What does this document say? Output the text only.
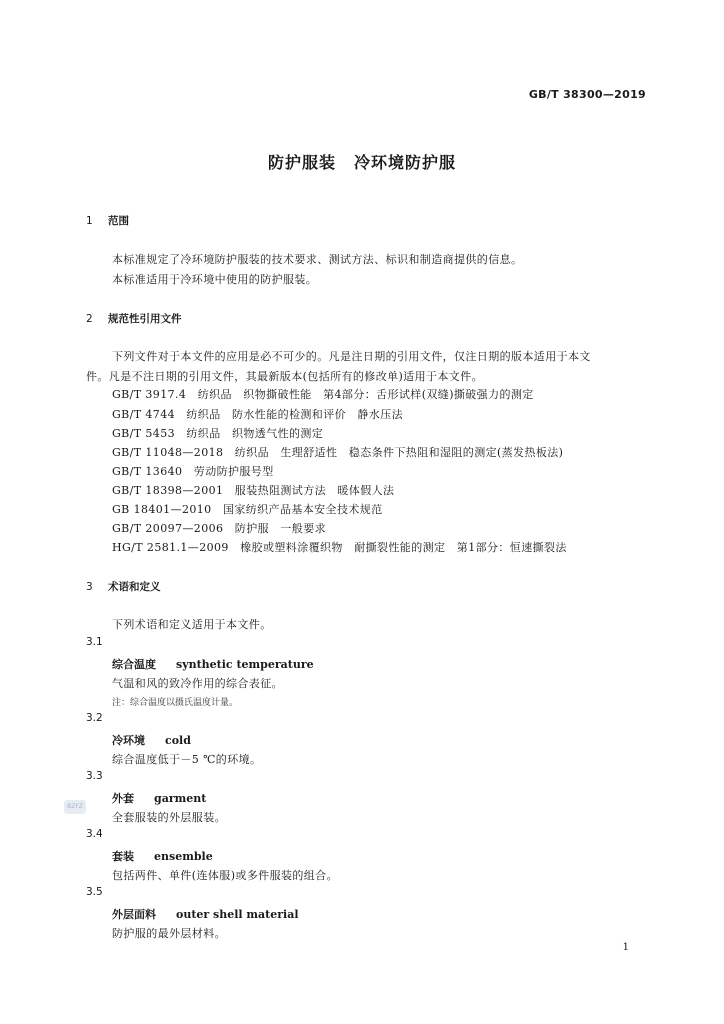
GB/T 38300—2019
防护服装 冷环境防护服
1 范围
本标准规定了冷环境防护服装的技术要求、测试方法、标识和制造商提供的信息。
本标准适用于冷环境中使用的防护服装。
2 规范性引用文件
下列文件对于本文件的应用是必不可少的。凡是注日期的引用文件，仅注日期的版本适用于本文
件。凡是不注日期的引用文件，其最新版本(包括所有的修改单)适用于本文件。
GB/T 3917.4　纺织品　织物撕破性能　第4部分：舌形试样(双缝)撕破强力的测定
GB/T 4744　纺织品　防水性能的检测和评价　静水压法
GB/T 5453　纺织品　织物透气性的测定
GB/T 11048—2018　纺织品　生理舒适性　稳态条件下热阻和湿阻的测定(蒸发热板法)
GB/T 13640　劳动防护服号型
GB/T 18398—2001　服装热阻测试方法　暖体假人法
GB 18401—2010　国家纺织产品基本安全技术规范
GB/T 20097—2006　防护服　一般要求
HG/T 2581.1—2009　橡胶或塑料涂覆织物　耐撕裂性能的测定　第1部分：恒速撕裂法
3 术语和定义
下列术语和定义适用于本文件。
3.1
综合温度 synthetic temperature
气温和风的致冷作用的综合表征。
注：综合温度以摄氏温度计量。
3.2
冷环境 cold
综合温度低于－5 ℃的环境。
3.3
外套 garment
全套服装的外层服装。
BZFZ
3.4
套装 ensemble
包括两件、单件(连体服)或多件服装的组合。
3.5
外层面料 outer shell material
防护服的最外层材料。
1
